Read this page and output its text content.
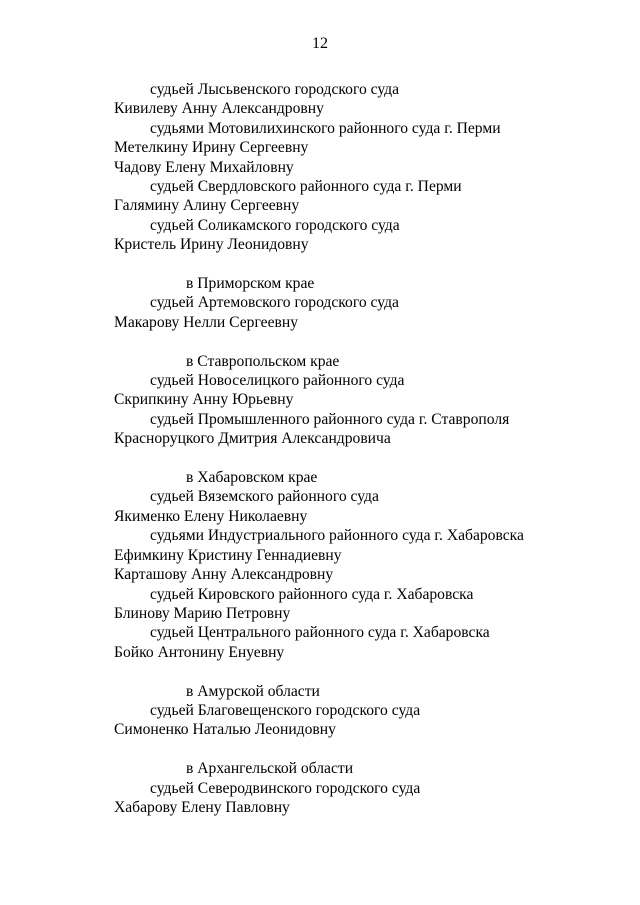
12
судьей Лысьвенского городского суда
Кивилеву Анну Александровну
судьями Мотовилихинского районного суда г. Перми
Метелкину Ирину Сергеевну
Чадову Елену Михайловну
судьей Свердловского районного суда г. Перми
Галямину Алину Сергеевну
судьей Соликамского городского суда
Кристель Ирину Леонидовну
в Приморском крае
судьей Артемовского городского суда
Макарову Нелли Сергеевну
в Ставропольском крае
судьей Новоселицкого районного суда
Скрипкину Анну Юрьевну
судьей Промышленного районного суда г. Ставрополя
Красноруцкого Дмитрия Александровича
в Хабаровском крае
судьей Вяземского районного суда
Якименко Елену Николаевну
судьями Индустриального районного суда г. Хабаровска
Ефимкину Кристину Геннадиевну
Карташову Анну Александровну
судьей Кировского районного суда г. Хабаровска
Блинову Марию Петровну
судьей Центрального районного суда г. Хабаровска
Бойко Антонину Енуевну
в Амурской области
судьей Благовещенского городского суда
Симоненко Наталью Леонидовну
в Архангельской области
судьей Северодвинского городского суда
Хабарову Елену Павловну
